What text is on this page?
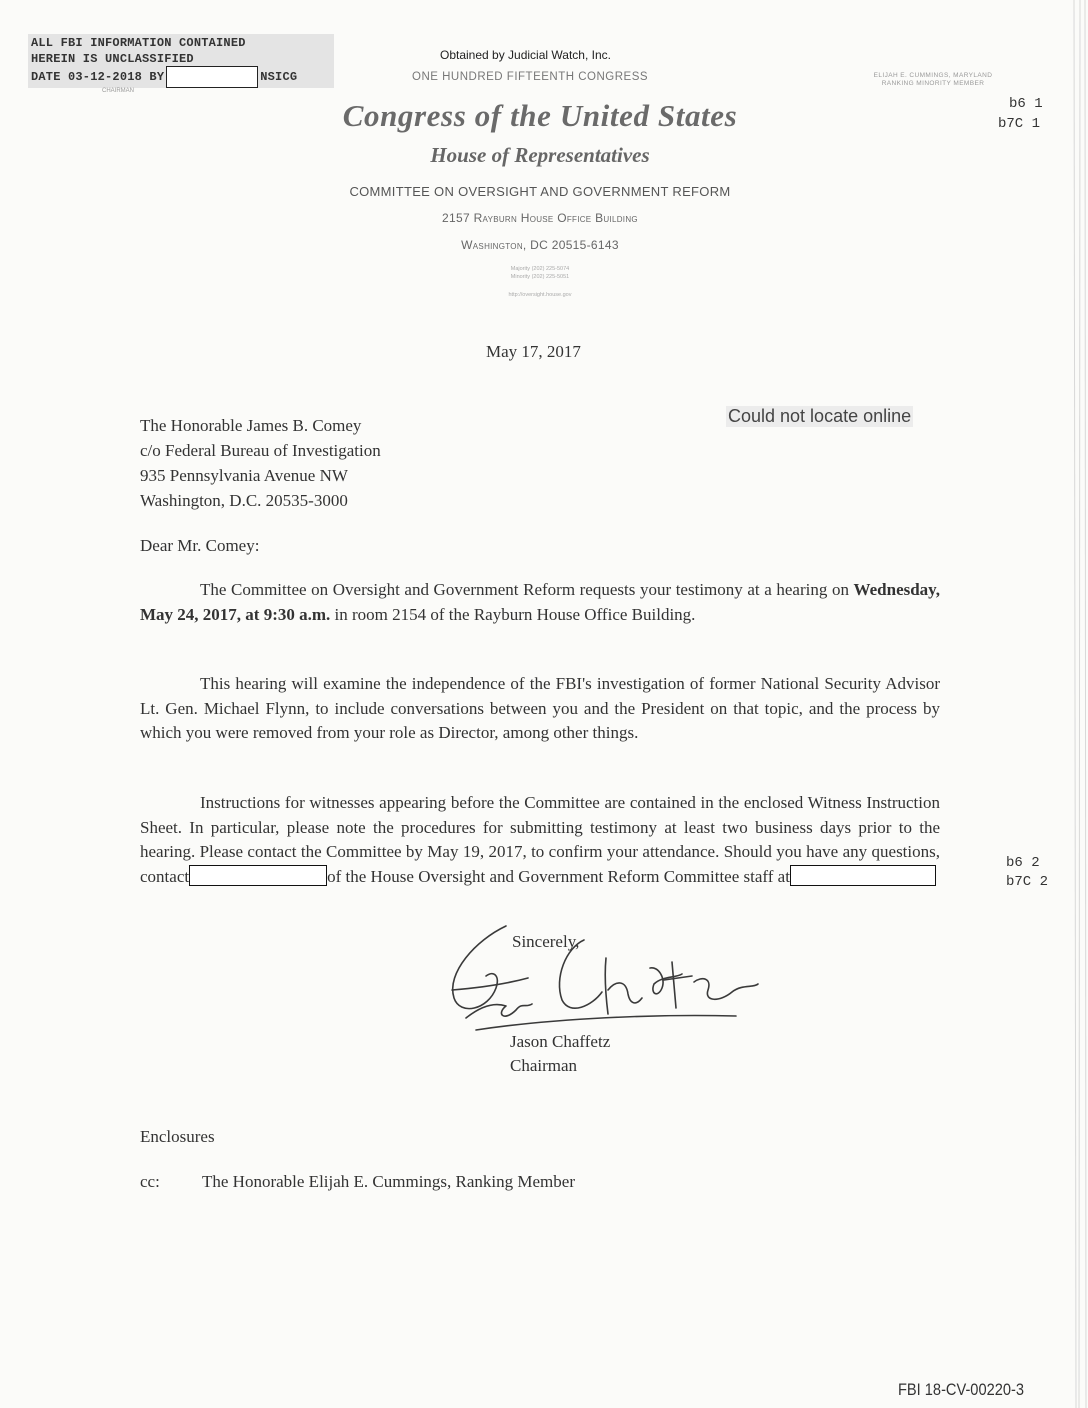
ALL FBI INFORMATION CONTAINED
HEREIN IS UNCLASSIFIED
DATE 03-12-2018 BY	NSICG
CHAIRMAN
Obtained by Judicial Watch, Inc.
ONE HUNDRED FIFTEENTH CONGRESS	ELIJAH E. CUMMINGS, MARYLAND
RANKING MINORITY MEMBER
b6 1
b7C 1
Congress of the United States
House of Representatives
COMMITTEE ON OVERSIGHT AND GOVERNMENT REFORM
2157 Rayburn House Office Building
Washington, DC 20515-6143
Majority (202) 225-5074
Minority (202) 225-5051
http://oversight.house.gov
May 17, 2017
Could not locate online
The Honorable James B. Comey
c/o Federal Bureau of Investigation
935 Pennsylvania Avenue NW
Washington, D.C. 20535-3000
Dear Mr. Comey:
The Committee on Oversight and Government Reform requests your testimony at a hearing on Wednesday, May 24, 2017, at 9:30 a.m. in room 2154 of the Rayburn House Office Building.
This hearing will examine the independence of the FBI's investigation of former National Security Advisor Lt. Gen. Michael Flynn, to include conversations between you and the President on that topic, and the process by which you were removed from your role as Director, among other things.
Instructions for witnesses appearing before the Committee are contained in the enclosed Witness Instruction Sheet. In particular, please note the procedures for submitting testimony at least two business days prior to the hearing. Please contact the Committee by May 19, 2017, to confirm your attendance. Should you have any questions, contact	of the House Oversight and Government Reform Committee staff at
b6 2
b7C 2
Sincerely,
Jason Chaffetz
Chairman
Enclosures
cc: The Honorable Elijah E. Cummings, Ranking Member
FBI 18-CV-00220-3
